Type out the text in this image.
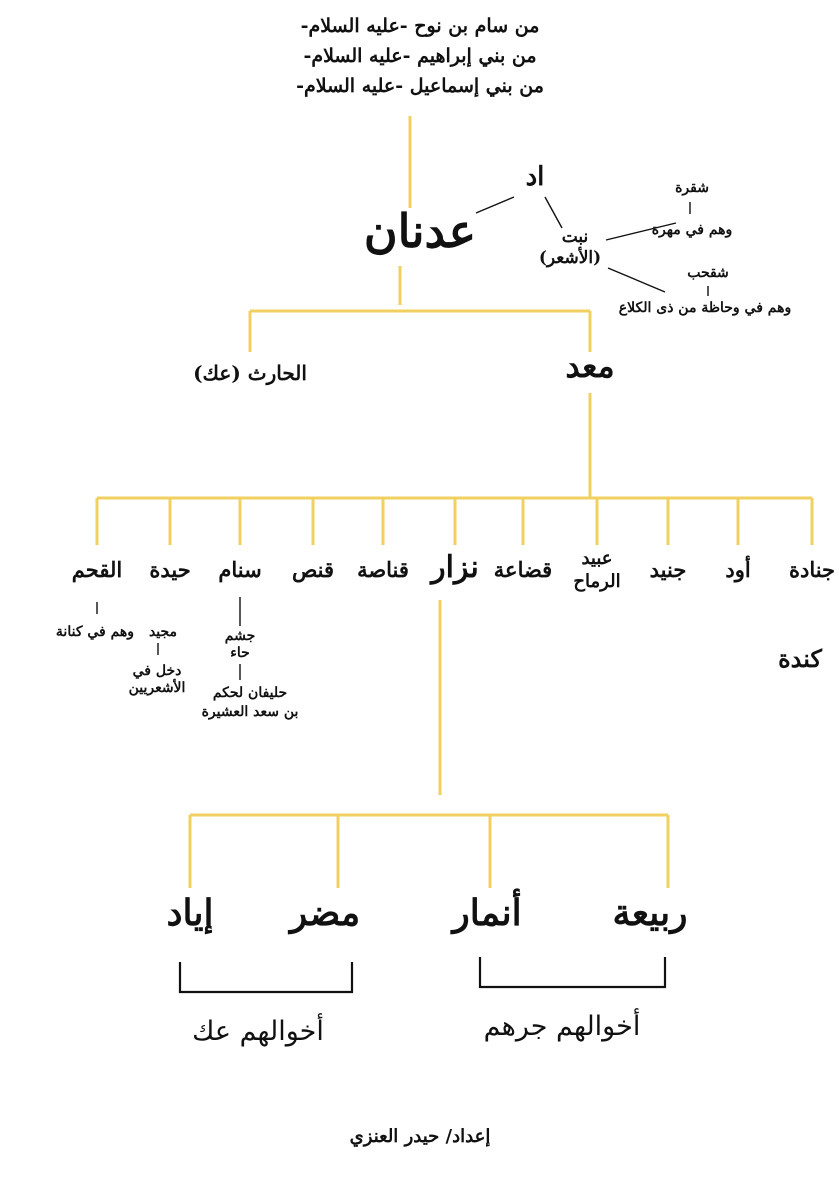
من سام بن نوح -عليه السلام-
من بني إبراهيم -عليه السلام-
من بني إسماعيل -عليه السلام-
عدنان
اد
نبت
(الأشعر)
شقرة
وهم في مهرة
شقحب
وهم في وحاظة من ذى الكلاع
معد
الحارث (عك)
جنادة
أود
جنيد
عبيد
الرماح
قضاعة
نزار
قناصة
قنص
سنام
حيدة
القحم
كندة
وهم في كنانة مجيد
دخل في
الأشعريين
جشم
حاء
حليفان لحكم
بن سعد العشيرة
ربيعة
أنمار
مضر
إياد
أخوالهم جرهم
أخوالهم عك
إعداد/ حيدر العنزي
